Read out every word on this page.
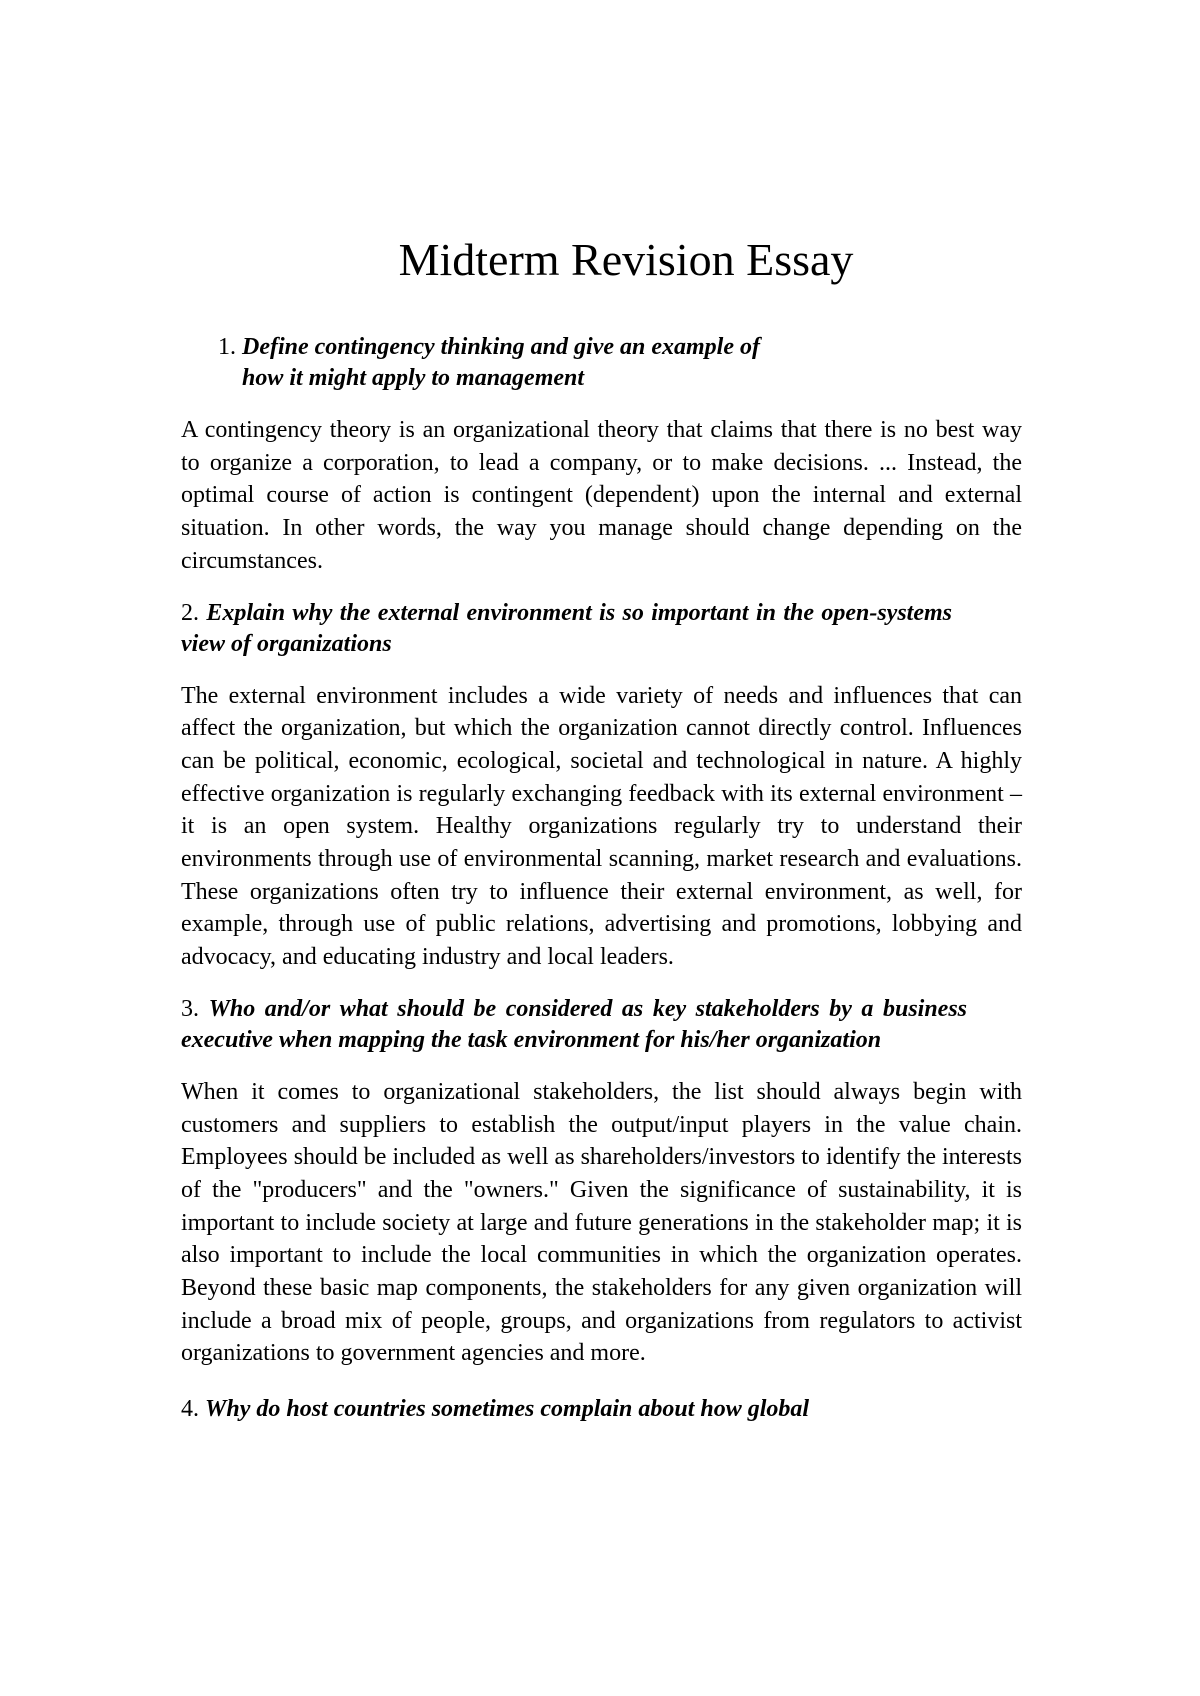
Midterm Revision Essay
1. Define contingency thinking and give an example of how it might apply to management

A contingency theory is an organizational theory that claims that there is no best way to organize a corporation, to lead a company, or to make decisions. ... Instead, the optimal course of action is contingent (dependent) upon the internal and external situation. In other words, the way you manage should change depending on the circumstances.

2. Explain why the external environment is so important in the open-systems view of organizations

The external environment includes a wide variety of needs and influences that can affect the organization, but which the organization cannot directly control. Influences can be political, economic, ecological, societal and technological in nature. A highly effective organization is regularly exchanging feedback with its external environment – it is an open system. Healthy organizations regularly try to understand their environments through use of environmental scanning, market research and evaluations. These organizations often try to influence their external environment, as well, for example, through use of public relations, advertising and promotions, lobbying and advocacy, and educating industry and local leaders.

3. Who and/or what should be considered as key stakeholders by a business executive when mapping the task environment for his/her organization

When it comes to organizational stakeholders, the list should always begin with customers and suppliers to establish the output/input players in the value chain. Employees should be included as well as shareholders/investors to identify the interests of the "producers" and the "owners." Given the significance of sustainability, it is important to include society at large and future generations in the stakeholder map; it is also important to include the local communities in which the organization operates. Beyond these basic map components, the stakeholders for any given organization will include a broad mix of people, groups, and organizations from regulators to activist organizations to government agencies and more.

4. Why do host countries sometimes complain about how global
